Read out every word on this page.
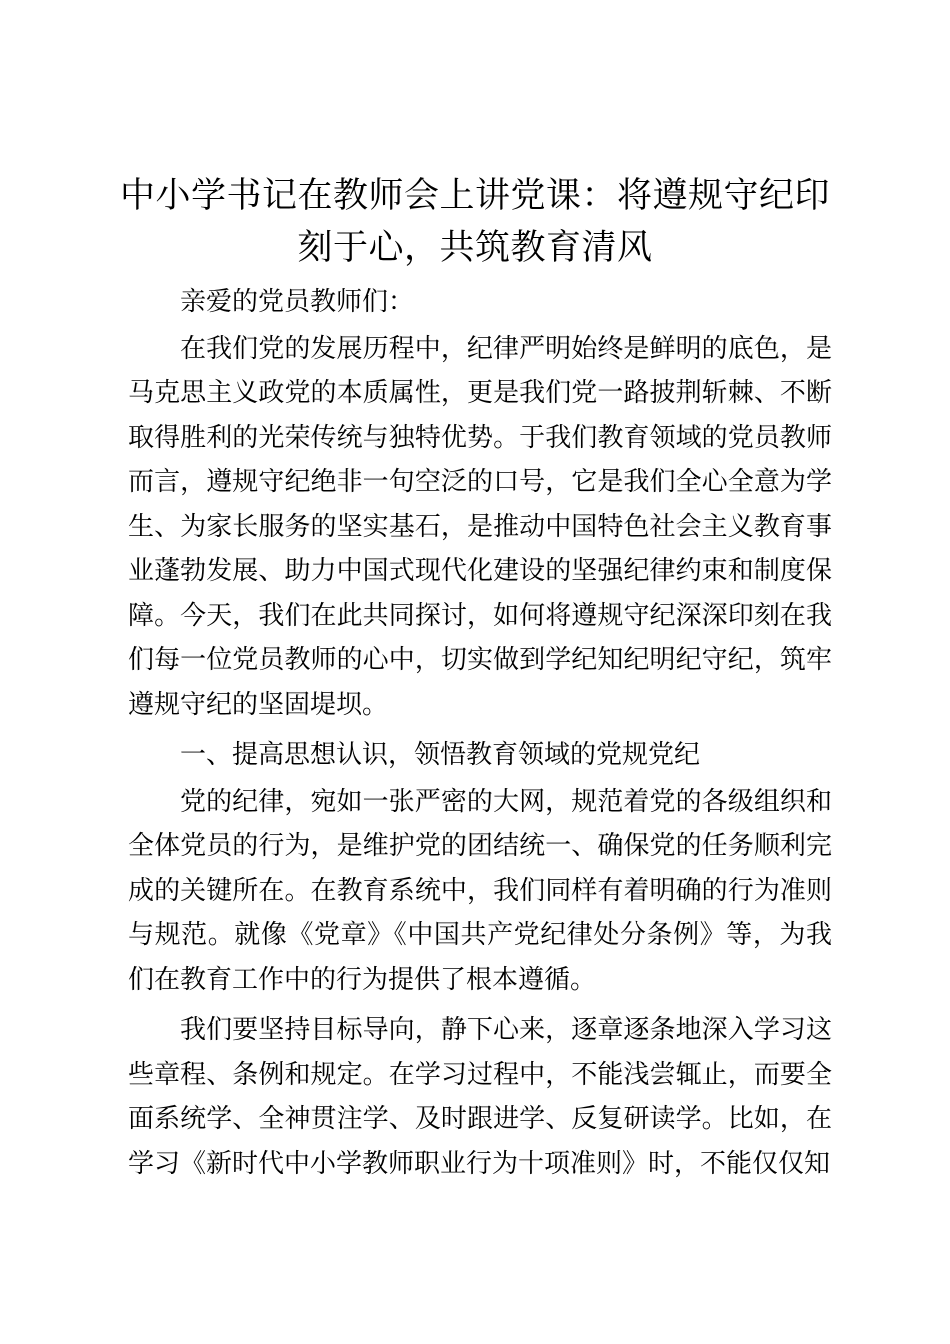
中小学书记在教师会上讲党课：将遵规守纪印刻于心，共筑教育清风

亲爱的党员教师们：

在我们党的发展历程中，纪律严明始终是鲜明的底色，是马克思主义政党的本质属性，更是我们党一路披荆斩棘、不断取得胜利的光荣传统与独特优势。于我们教育领域的党员教师而言，遵规守纪绝非一句空泛的口号，它是我们全心全意为学生、为家长服务的坚实基石，是推动中国特色社会主义教育事业蓬勃发展、助力中国式现代化建设的坚强纪律约束和制度保障。今天，我们在此共同探讨，如何将遵规守纪深深印刻在我们每一位党员教师的心中，切实做到学纪知纪明纪守纪，筑牢遵规守纪的坚固堤坝。

一、提高思想认识，领悟教育领域的党规党纪

党的纪律，宛如一张严密的大网，规范着党的各级组织和全体党员的行为，是维护党的团结统一、确保党的任务顺利完成的关键所在。在教育系统中，我们同样有着明确的行为准则与规范。就像《党章》《中国共产党纪律处分条例》等，为我们在教育工作中的行为提供了根本遵循。

我们要坚持目标导向，静下心来，逐章逐条地深入学习这些章程、条例和规定。在学习过程中，不能浅尝辄止，而要全面系统学、全神贯注学、及时跟进学、反复研读学。比如，在学习《新时代中小学教师职业行为十项准则》时，不能仅仅知
